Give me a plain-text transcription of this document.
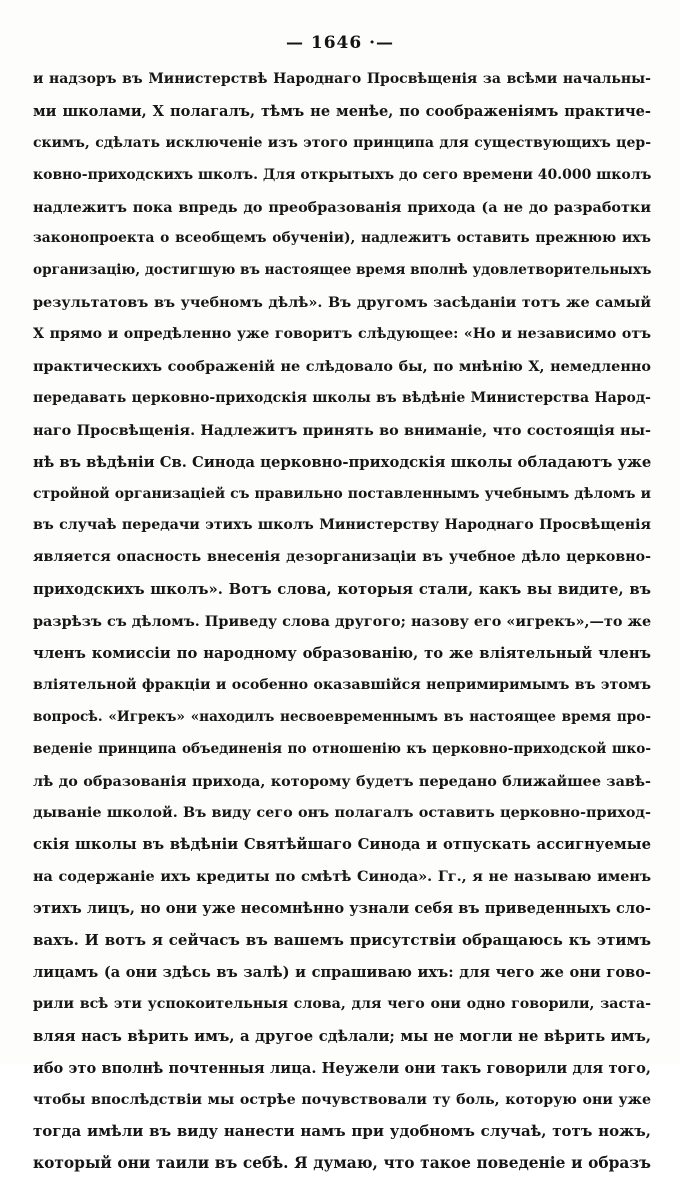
— 1646 ·—
и надзоръ въ Министерствѣ Народнаго Просвѣщенія за всѣми начальны-
ми школами, X полагалъ, тѣмъ не менѣе, по соображеніямъ практиче-
скимъ, сдѣлать исключеніе изъ этого принципа для существующихъ цер-
ковно-приходскихъ школъ. Для открытыхъ до сего времени 40.000 школъ
надлежитъ пока впредь до преобразованія прихода (а не до разработки
законопроекта о всеобщемъ обученіи), надлежитъ оставить прежнюю ихъ
организацію, достигшую въ настоящее время вполнѣ удовлетворительныхъ
результатовъ въ учебномъ дѣлѣ». Въ другомъ засѣданіи тотъ же самый
X прямо и опредѣленно уже говоритъ слѣдующее: «Но и независимо отъ
практическихъ соображеній не слѣдовало бы, по мнѣнію X, немедленно
передавать церковно-приходскія школы въ вѣдѣніе Министерства Народ-
наго Просвѣщенія. Надлежитъ принять во вниманіе, что состоящія ны-
нѣ въ вѣдѣніи Св. Синода церковно-приходскія школы обладаютъ уже
стройной организаціей съ правильно поставленнымъ учебнымъ дѣломъ и
въ случаѣ передачи этихъ школъ Министерству Народнаго Просвѣщенія
является опасность внесенія дезорганизаціи въ учебное дѣло церковно-
приходскихъ школъ». Вотъ слова, которыя стали, какъ вы видите, въ
разрѣзъ съ дѣломъ. Приведу слова другого; назову его «игрекъ»,—то же
членъ комиссіи по народному образованію, то же вліятельный членъ
вліятельной фракціи и особенно оказавшійся непримиримымъ въ этомъ
вопросѣ. «Игрекъ» «находилъ несвоевременнымъ въ настоящее время про-
веденіе принципа объединенія по отношенію къ церковно-приходской шко-
лѣ до образованія прихода, которому будетъ передано ближайшее завѣ-
дываніе школой. Въ виду сего онъ полагалъ оставить церковно-приход-
скія школы въ вѣдѣніи Святѣйшаго Синода и отпускать ассигнуемые
на содержаніе ихъ кредиты по смѣтѣ Синода». Гг., я не называю именъ
этихъ лицъ, но они уже несомнѣнно узнали себя въ приведенныхъ сло-
вахъ. И вотъ я сейчасъ въ вашемъ присутствіи обращаюсь къ этимъ
лицамъ (а они здѣсь въ залѣ) и спрашиваю ихъ: для чего же они гово-
рили всѣ эти успокоительныя слова, для чего они одно говорили, заста-
вляя насъ вѣрить имъ, а другое сдѣлали; мы не могли не вѣрить имъ,
ибо это вполнѣ почтенныя лица. Неужели они такъ говорили для того,
чтобы впослѣдствіи мы острѣе почувствовали ту боль, которую они уже
тогда имѣли въ виду нанести намъ при удобномъ случаѣ, тотъ ножъ,
который они таили въ себѣ. Я думаю, что такое поведеніе и образъ
